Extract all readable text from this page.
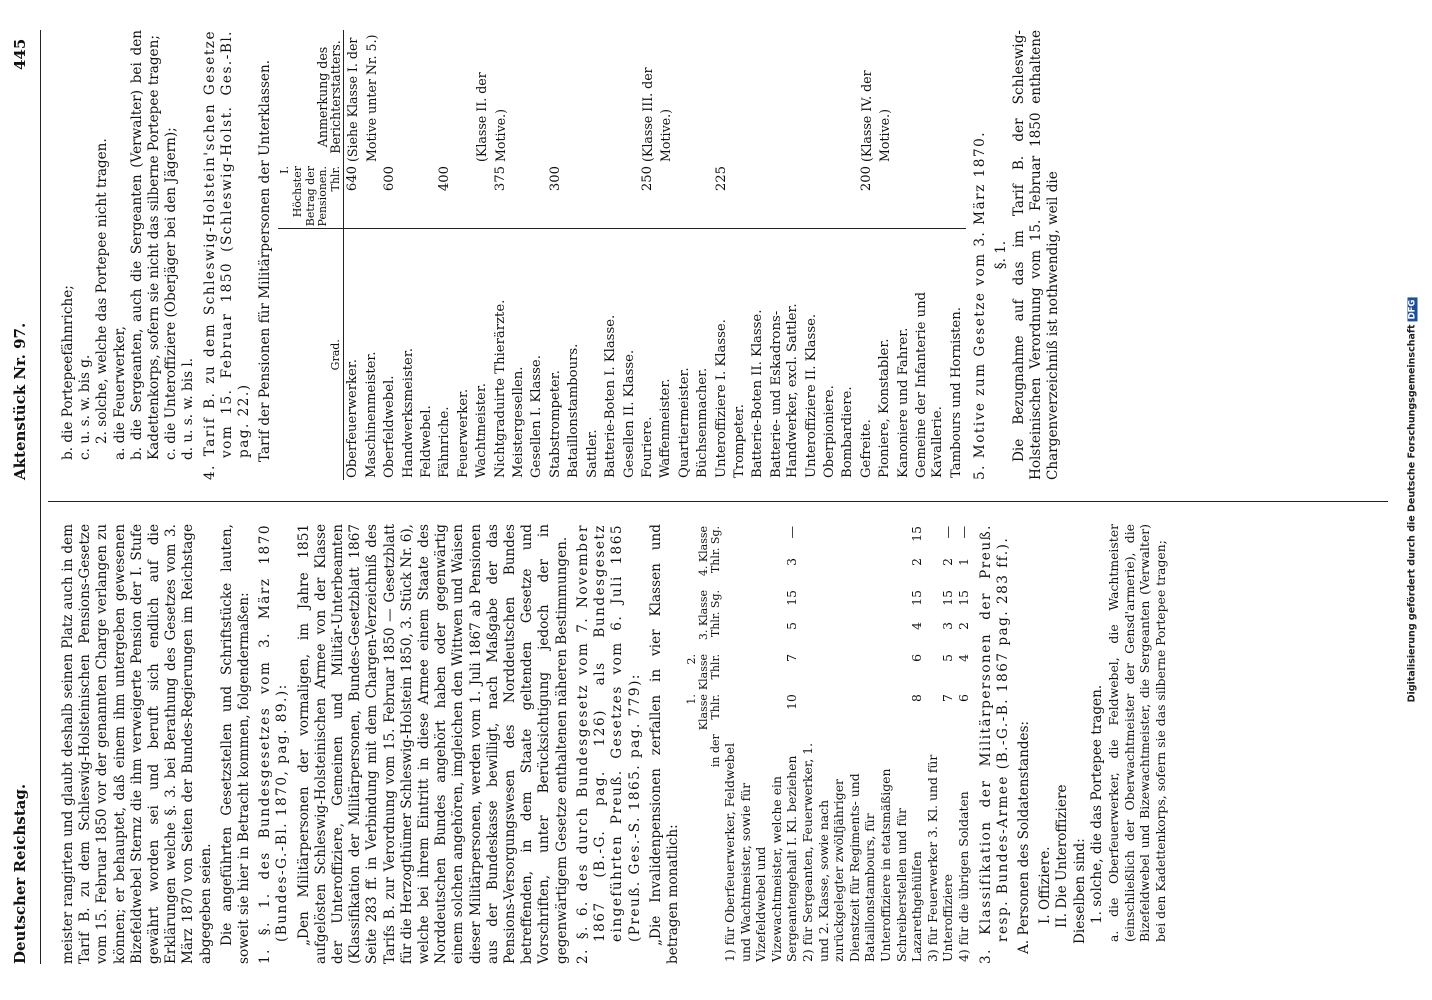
Deutscher Reichstag.
Aktenstück Nr. 97.
445

meister rangirten und glaubt deshalb seinen Platz auch in dem Tarif B. zu dem Schleswig-Holsteinischen Pensions-Gesetze vom 15. Februar 1850 vor der genannten Charge verlangen zu können; er behauptet, daß einem ihm untergeben gewesenen Bizefeldwebel Sternz die ihm verweigerte Pension der I. Stufe gewährt worden sei und beruft sich endlich auf die Erklärungen welche §. 3. bei Berathung des Gesetzes vom 3. März 1870 von Seiten der Bundes-Regierungen im Reichstage abgegeben seien. Die angeführten Gesetzstellen und Schriftstücke lauten, soweit sie hier in Betracht kommen, folgendermaßen: 1. §. 1. des Bundesgesetzes vom 3. März 1870 (Bundes-G.-Bl. 1870, pag. 89.): „Den Militärpersonen der vormaligen, im Jahre 1851 aufgelösten Schleswig-Holsteinischen Armee von der Klasse der Unteroffiziere, Gemeinen und Militär-Unterbeamten (Klassifikation der Militärpersonen, Bundes-Gesetzblatt 1867 Seite 283 ff. in Verbindung mit dem Chargen-Verzeichniß des Tarifs B. zur Verordnung vom 15. Februar 1850 — Gesetzblatt für die Herzogthümer Schleswig-Holstein 1850, 3. Stück Nr. 6), welche bei ihrem Eintritt in diese Armee einem Staate des Norddeutschen Bundes angehört haben oder gegenwärtig einem solchen angehören, imgleichen den Wittwen und Waisen dieser Militärpersonen, werden vom 1. Juli 1867 ab Pensionen aus der Bundeskasse bewilligt, nach Maßgabe der das Pensions-Versorgungswesen des Norddeutschen Bundes betreffenden, in dem Staate geltenden Gesetze und Vorschriften, unter Berücksichtigung jedoch der in gegenwärtigem Gesetze enthaltenen näheren Bestimmungen. 2. §. 6. des durch Bundesgesetz vom 7. November 1867 (B.-G. pag. 126) als Bundesgesetz eingeführten Preuß. Gesetzes vom 6. Juli 1865 (Preuß. Ges.-S. 1865. pag. 779): „Die Invalidenpensionen zerfallen in vier Klassen und betragen monatlich:

in der	1. Klasse Thlr.	2. Klasse Thlr.	3. Klasse Thlr. Sg.		4. Klasse Thlr. Sg.	
1) für Oberfeuerwerker, Feldwebel und Wachtmeister, sowie für Vizefeldwebel und Vizewachtmeister, welche ein Sergeantengehalt I. Kl. beziehen	10	7	5	15	3	—
2) für Sergeanten, Feuerwerker, 1. und 2. Klasse, sowie nach zurückgelegter zwölfjähriger Dienstzeit für Regiments- und Bataillonstambours, für Unteroffiziere in etatsmäßigen Schreiberstellen und für Lazarethgehülfen	8	6	4	15	2	15
3) für Feuerwerker 3. Kl. und für Unteroffiziere	7	5	3	15	2	—
4) für die übrigen Soldaten	6	4	2	15	1	— 3. Klassifikation der Militärpersonen der Preuß. resp. Bundes-Armee (B.-G.-B. 1867 pag. 283 ff.). A. Personen des Soldatenstandes: I. Offiziere. II. Die Unteroffiziere Dieselben sind: 1. solche, die das Portepee tragen. a. die Oberfeuerwerker, die Feldwebel, die Wachtmeister (einschließlich der Oberwachtmeister der Gensd'armerie), die Bizefeldwebel und Bizewachtmeister, die Sergeanten (Verwalter) bei den Kadettenkorps, sofern sie das silberne Portepee tragen;

b. die Portepeefähnriche; c. u. s. w. bis g. 2. solche, welche das Portepee nicht tragen. a. die Feuerwerker, b. die Sergeanten, auch die Sergeanten (Verwalter) bei den Kadettenkorps, sofern sie nicht das silberne Portepee tragen; c. die Unteroffiziere (Oberjäger bei den Jägern); d. u. s. w. bis l. 4. Tarif B. zu dem Schleswig-Holstein'schen Gesetze vom 15. Februar 1850 (Schleswig-Holst. Ges.-Bl. pag. 22.) Tarif der Pensionen für Militärpersonen der Unterklassen.	Grad.	I.
Höchster Betrag der Pensionen. Thlr.	Anmerkung des Berichterstatters.
Oberfeuerwerker.	640	(Siehe Klasse I. der
Maschinenmeister.		Motive unter Nr. 5.)
Oberfeldwebel.	600	
Handwerksmeister.		
Feldwebel.		
Fähnriche.	400	
Feuerwerker.		
Wachtmeister.		(Klasse II. der
Nichtgraduirte Thierärzte.	375	Motive.)
Meistergesellen.		
Gesellen I. Klasse.		
Stabstrompeter.	300	
Bataillonstambours.		
Sattler.		
Batterie-Boten I. Klasse.		
Gesellen II. Klasse.		
Fouriere.	250	(Klasse III. der
Waffenmeister.		Motive.)
Quartiermeister.		
Büchsenmacher.		
Unteroffiziere I. Klasse.	225	
Trompeter.		
Batterie-Boten II. Klasse.		
Batterie- und Eskadrons-Handwerker, excl. Sattler.		
Unteroffiziere II. Klasse.		
Oberpioniere.		
Bombardiere.		
Gefreite.	200	(Klasse IV. der
Pioniere, Konstabler.		Motive.)
Kanoniere und Fahrer.		
Gemeine der Infanterie und Kavallerie.		
Tambours und Hornisten.		5. Motive zum Gesetze vom 3. März 1870. §. 1. Die Bezugnahme auf das im Tarif B. der Schleswig-Holsteinischen Verordnung vom 15. Februar 1850 enthaltene Chargenverzeichniß ist nothwendig, weil die	Digitalisierung gefördert durch die Deutsche ForschungsgemeinschaftDFG
